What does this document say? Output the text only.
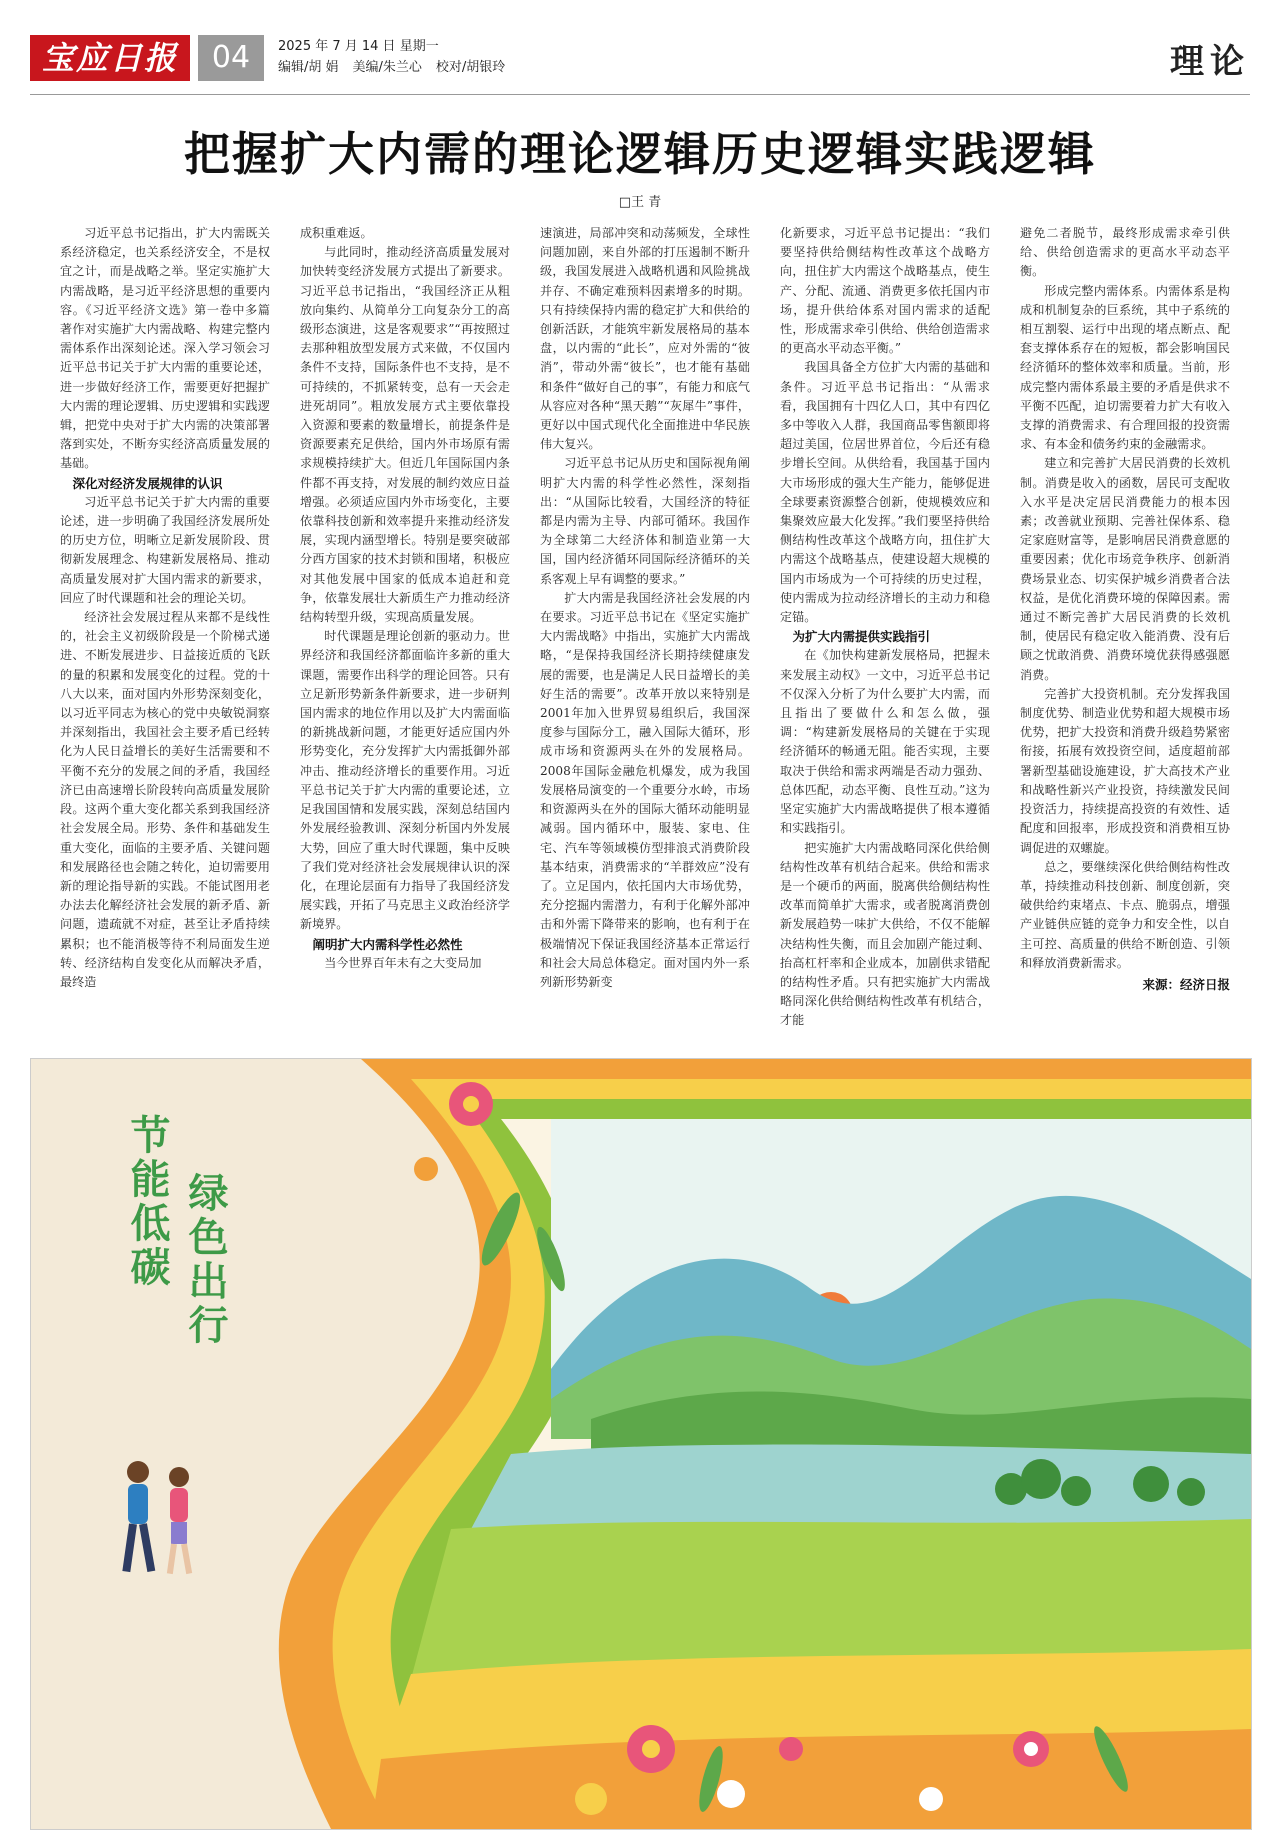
宝应日报	04	2025 年 7 月 14 日 星期一
编辑/胡 娟 美编/朱兰心 校对/胡银玲	理论
把握扩大内需的理论逻辑历史逻辑实践逻辑
□王 青

习近平总书记指出，扩大内需既关系经济稳定，也关系经济安全，不是权宜之计，而是战略之举。坚定实施扩大内需战略，是习近平经济思想的重要内容。《习近平经济文选》第一卷中多篇著作对实施扩大内需战略、构建完整内需体系作出深刻论述。深入学习领会习近平总书记关于扩大内需的重要论述，进一步做好经济工作，需要更好把握扩大内需的理论逻辑、历史逻辑和实践逻辑，把党中央对于扩大内需的决策部署落到实处，不断夯实经济高质量发展的基础。

深化对经济发展规律的认识

习近平总书记关于扩大内需的重要论述，进一步明确了我国经济发展所处的历史方位，明晰立足新发展阶段、贯彻新发展理念、构建新发展格局、推动高质量发展对扩大国内需求的新要求，回应了时代课题和社会的理论关切。

经济社会发展过程从来都不是线性的，社会主义初级阶段是一个阶梯式递进、不断发展进步、日益接近质的飞跃的量的积累和发展变化的过程。党的十八大以来，面对国内外形势深刻变化，以习近平同志为核心的党中央敏锐洞察并深刻指出，我国社会主要矛盾已经转化为人民日益增长的美好生活需要和不平衡不充分的发展之间的矛盾，我国经济已由高速增长阶段转向高质量发展阶段。这两个重大变化都关系到我国经济社会发展全局。形势、条件和基础发生重大变化，面临的主要矛盾、关键问题和发展路径也会随之转化，迫切需要用新的理论指导新的实践。不能试图用老办法去化解经济社会发展的新矛盾、新问题，遗疏就不对症，甚至让矛盾持续累积；也不能消极等待不利局面发生逆转、经济结构自发变化从而解决矛盾，最终造

成积重难返。

与此同时，推动经济高质量发展对加快转变经济发展方式提出了新要求。习近平总书记指出，“我国经济正从粗放向集约、从简单分工向复杂分工的高级形态演进，这是客观要求”“再按照过去那种粗放型发展方式来做，不仅国内条件不支持，国际条件也不支持，是不可持续的，不抓紧转变，总有一天会走进死胡同”。粗放发展方式主要依靠投入资源和要素的数量增长，前提条件是资源要素充足供给，国内外市场原有需求规模持续扩大。但近几年国际国内条件都不再支持，对发展的制约效应日益增强。必须适应国内外市场变化，主要依靠科技创新和效率提升来推动经济发展，实现内涵型增长。特别是要突破部分西方国家的技术封锁和围堵，积极应对其他发展中国家的低成本追赶和竞争，依靠发展壮大新质生产力推动经济结构转型升级，实现高质量发展。

时代课题是理论创新的驱动力。世界经济和我国经济都面临许多新的重大课题，需要作出科学的理论回答。只有立足新形势新条件新要求，进一步研判国内需求的地位作用以及扩大内需面临的新挑战新问题，才能更好适应国内外形势变化，充分发挥扩大内需抵御外部冲击、推动经济增长的重要作用。习近平总书记关于扩大内需的重要论述，立足我国国情和发展实践，深刻总结国内外发展经验教训、深刻分析国内外发展大势，回应了重大时代课题，集中反映了我们党对经济社会发展规律认识的深化，在理论层面有力指导了我国经济发展实践，开拓了马克思主义政治经济学新境界。

阐明扩大内需科学性必然性

当今世界百年未有之大变局加

速演进，局部冲突和动荡频发，全球性问题加剧，来自外部的打压遏制不断升级，我国发展进入战略机遇和风险挑战并存、不确定难预料因素增多的时期。只有持续保持内需的稳定扩大和供给的创新活跃，才能筑牢新发展格局的基本盘，以内需的“此长”，应对外需的“彼消”，带动外需“彼长”，也才能有基础和条件“做好自己的事”，有能力和底气从容应对各种“黑天鹅”“灰犀牛”事件，更好以中国式现代化全面推进中华民族伟大复兴。

习近平总书记从历史和国际视角阐明扩大内需的科学性必然性，深刻指出：“从国际比较看，大国经济的特征都是内需为主导、内部可循环。我国作为全球第二大经济体和制造业第一大国，国内经济循环同国际经济循环的关系客观上早有调整的要求。”

扩大内需是我国经济社会发展的内在要求。习近平总书记在《坚定实施扩大内需战略》中指出，实施扩大内需战略，“是保持我国经济长期持续健康发展的需要，也是满足人民日益增长的美好生活的需要”。改革开放以来特别是2001年加入世界贸易组织后，我国深度参与国际分工，融入国际大循环，形成市场和资源两头在外的发展格局。2008年国际金融危机爆发，成为我国发展格局演变的一个重要分水岭，市场和资源两头在外的国际大循环动能明显减弱。国内循环中，服装、家电、住宅、汽车等领域模仿型排浪式消费阶段基本结束，消费需求的“羊群效应”没有了。立足国内，依托国内大市场优势，充分挖掘内需潜力，有利于化解外部冲击和外需下降带来的影响，也有利于在极端情况下保证我国经济基本正常运行和社会大局总体稳定。面对国内外一系列新形势新变

化新要求，习近平总书记提出：“我们要坚持供给侧结构性改革这个战略方向，扭住扩大内需这个战略基点，使生产、分配、流通、消费更多依托国内市场，提升供给体系对国内需求的适配性，形成需求牵引供给、供给创造需求的更高水平动态平衡。”

我国具备全方位扩大内需的基础和条件。习近平总书记指出：“从需求看，我国拥有十四亿人口，其中有四亿多中等收入人群，我国商品零售额即将超过美国，位居世界首位，今后还有稳步增长空间。从供给看，我国基于国内大市场形成的强大生产能力，能够促进全球要素资源整合创新，使规模效应和集聚效应最大化发挥。”我们要坚持供给侧结构性改革这个战略方向，扭住扩大内需这个战略基点，使建设超大规模的国内市场成为一个可持续的历史过程，使内需成为拉动经济增长的主动力和稳定锚。

为扩大内需提供实践指引

在《加快构建新发展格局，把握未来发展主动权》一文中，习近平总书记不仅深入分析了为什么要扩大内需，而且指出了要做什么和怎么做，强调：“构建新发展格局的关键在于实现经济循环的畅通无阻。能否实现，主要取决于供给和需求两端是否动力强劲、总体匹配，动态平衡、良性互动。”这为坚定实施扩大内需战略提供了根本遵循和实践指引。

把实施扩大内需战略同深化供给侧结构性改革有机结合起来。供给和需求是一个硬币的两面，脱离供给侧结构性改革而简单扩大需求，或者脱离消费创新发展趋势一味扩大供给，不仅不能解决结构性失衡，而且会加剧产能过剩、抬高杠杆率和企业成本，加剧供求错配的结构性矛盾。只有把实施扩大内需战略同深化供给侧结构性改革有机结合，才能

避免二者脱节，最终形成需求牵引供给、供给创造需求的更高水平动态平衡。

形成完整内需体系。内需体系是构成和机制复杂的巨系统，其中子系统的相互割裂、运行中出现的堵点断点、配套支撑体系存在的短板，都会影响国民经济循环的整体效率和质量。当前，形成完整内需体系最主要的矛盾是供求不平衡不匹配，迫切需要着力扩大有收入支撑的消费需求、有合理回报的投资需求、有本金和债务约束的金融需求。

建立和完善扩大居民消费的长效机制。消费是收入的函数，居民可支配收入水平是决定居民消费能力的根本因素；改善就业预期、完善社保体系、稳定家庭财富等，是影响居民消费意愿的重要因素；优化市场竞争秩序、创新消费场景业态、切实保护城乡消费者合法权益，是优化消费环境的保障因素。需通过不断完善扩大居民消费的长效机制，使居民有稳定收入能消费、没有后顾之忧敢消费、消费环境优获得感强愿消费。

完善扩大投资机制。充分发挥我国制度优势、制造业优势和超大规模市场优势，把扩大投资和消费升级趋势紧密衔接，拓展有效投资空间，适度超前部署新型基础设施建设，扩大高技术产业和战略性新兴产业投资，持续激发民间投资活力，持续提高投资的有效性、适配度和回报率，形成投资和消费相互协调促进的双螺旋。

总之，要继续深化供给侧结构性改革，持续推动科技创新、制度创新，突破供给约束堵点、卡点、脆弱点，增强产业链供应链的竞争力和安全性，以自主可控、高质量的供给不断创造、引领和释放消费新需求。

来源：经济日报
节能低碳 绿色出行
